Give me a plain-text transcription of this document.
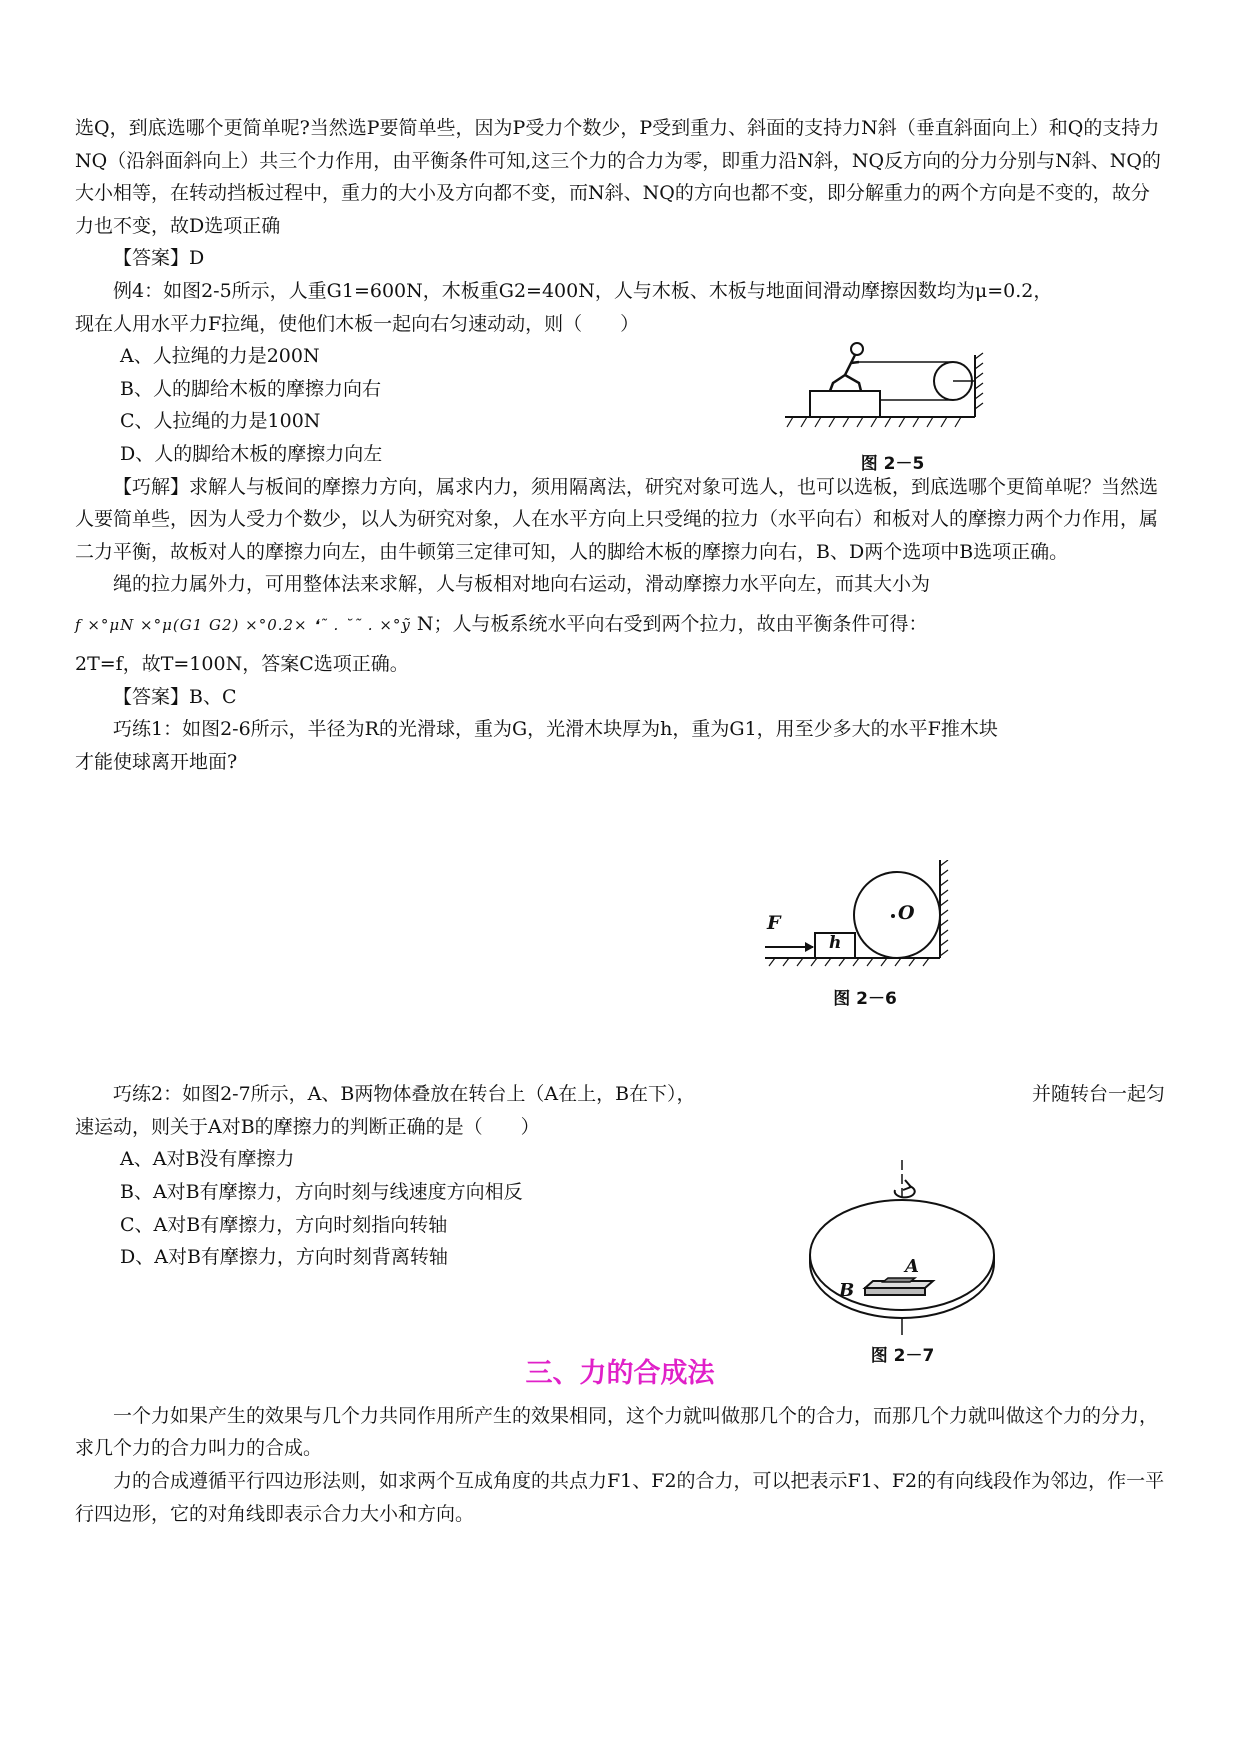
选Q，到底选哪个更简单呢?当然选P要简单些，因为P受力个数少，P受到重力、斜面的支持力N斜（垂直斜面向上）和Q的支持力NQ（沿斜面斜向上）共三个力作用，由平衡条件可知,这三个力的合力为零，即重力沿N斜，NQ反方向的分力分别与N斜、NQ的大小相等，在转动挡板过程中，重力的大小及方向都不变，而N斜、NQ的方向也都不变，即分解重力的两个方向是不变的，故分力也不变，故D选项正确

【答案】D

例4：如图2-5所示，人重G1=600N，木板重G2=400N，人与木板、木板与地面间滑动摩擦因数均为μ=0.2，

现在人用水平力F拉绳，使他们木板一起向右匀速动动，则（　　）

A、人拉绳的力是200N

B、人的脚给木板的摩擦力向右

C、人拉绳的力是100N

D、人的脚给木板的摩擦力向左

【巧解】求解人与板间的摩擦力方向，属求内力，须用隔离法，研究对象可选人，也可以选板，到底选哪个更简单呢？当然选人要简单些，因为人受力个数少，以人为研究对象，人在水平方向上只受绳的拉力（水平向右）和板对人的摩擦力两个力作用，属二力平衡，故板对人的摩擦力向左，由牛顿第三定律可知，人的脚给木板的摩擦力向右，B、D两个选项中B选项正确。

绳的拉力属外力，可用整体法来求解，人与板相对地向右运动，滑动摩擦力水平向左，而其大小为

f ×°μN ×°μ(G1 G2) ×°0.2× ❛˜ . ˘˜ . ×°ỹ N；人与板系统水平向右受到两个拉力，故由平衡条件可得：

2T=f，故T=100N，答案C选项正确。

【答案】B、C

巧练1：如图2-6所示，半径为R的光滑球，重为G，光滑木块厚为h，重为G1，用至少多大的水平F推木块

才能使球离开地面?

巧练2：如图2-7所示，A、B两物体叠放在转台上（A在上，B在下），	并随转台一起匀

速运动，则关于A对B的摩擦力的判断正确的是（　　）

A、A对B没有摩擦力

B、A对B有摩擦力，方向时刻与线速度方向相反

C、A对B有摩擦力，方向时刻指向转轴

D、A对B有摩擦力，方向时刻背离转轴

三、力的合成法

一个力如果产生的效果与几个力共同作用所产生的效果相同，这个力就叫做那几个的合力，而那几个力就叫做这个力的分力，求几个力的合力叫力的合成。

力的合成遵循平行四边形法则，如求两个互成角度的共点力F1、F2的合力，可以把表示F1、F2的有向线段作为邻边，作一平行四边形，它的对角线即表示合力大小和方向。

图 2－5
F
h
O
图 2－6
A
B
图 2－7
